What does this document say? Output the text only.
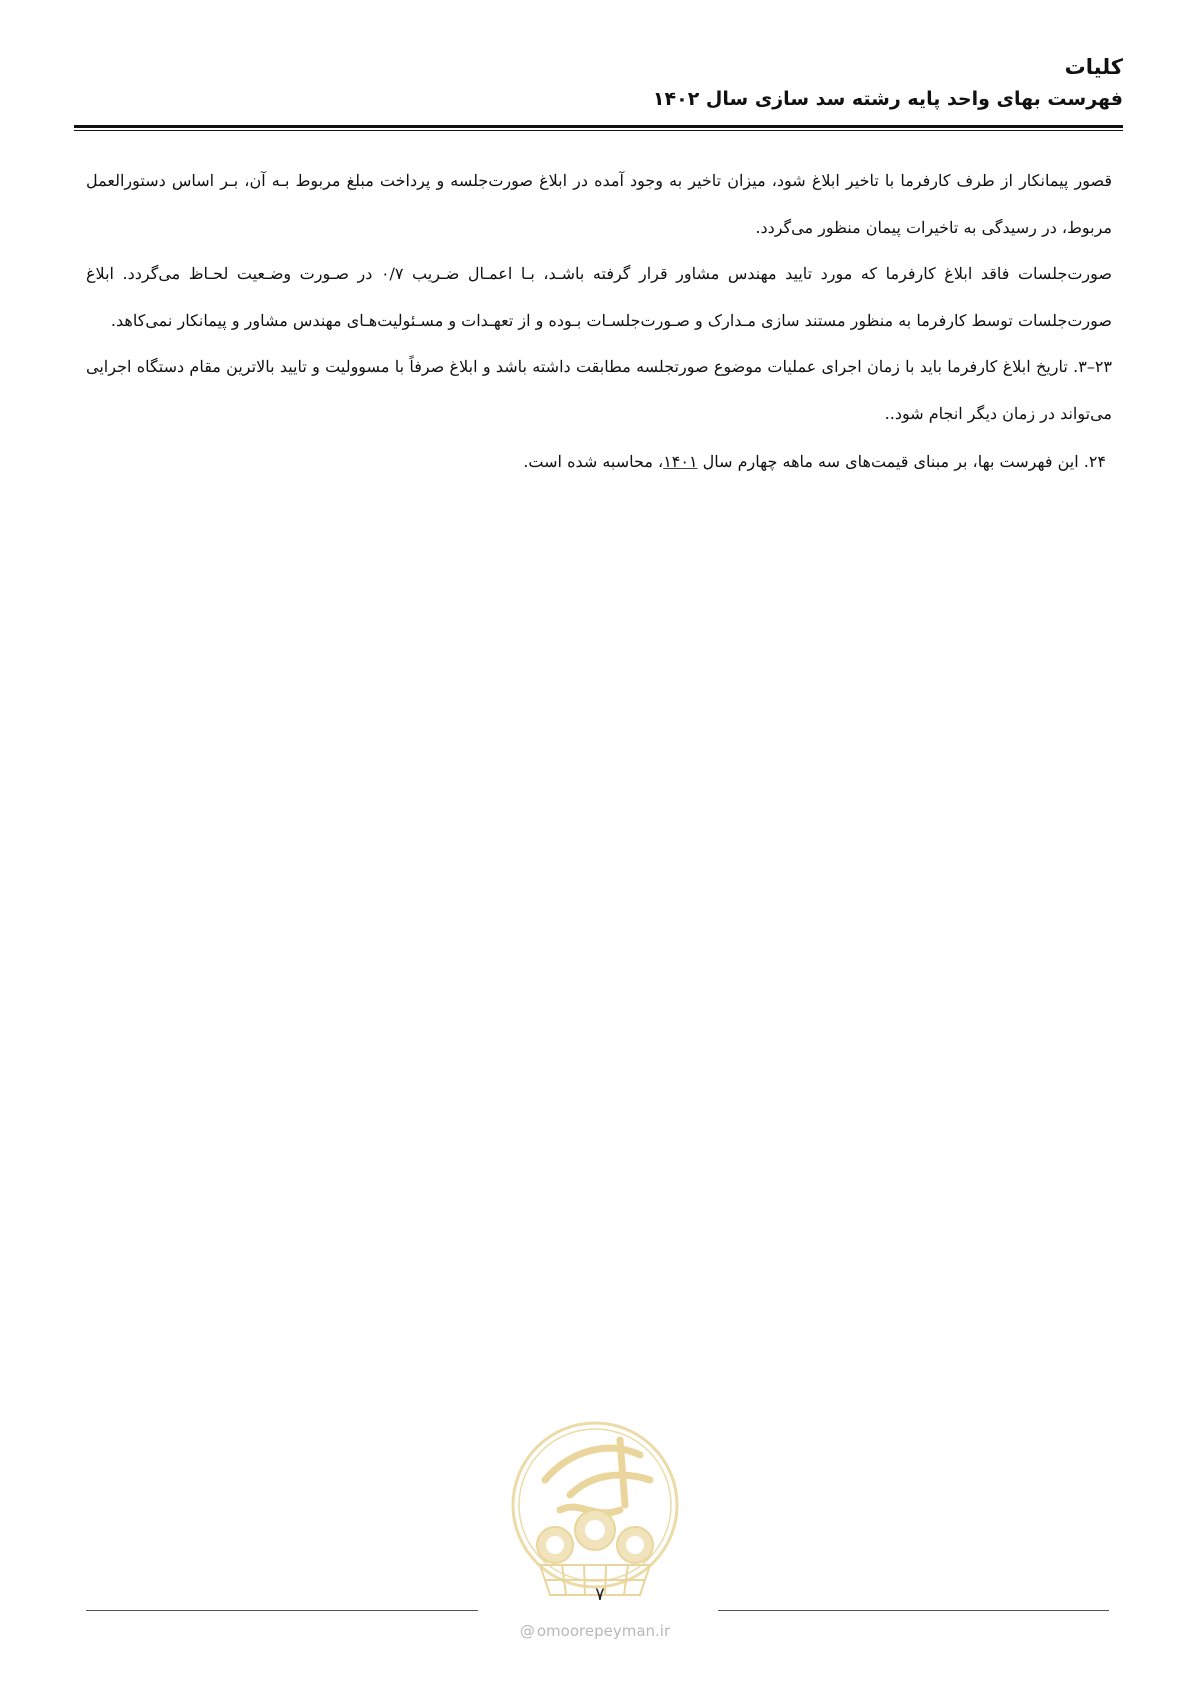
کلیات

فهرست بهای واحد پایه رشته سد سازی سال ۱۴۰۲

قصور پیمانکار از طرف کارفرما با تاخیر ابلاغ شود، میزان تاخیر به وجود آمده در ابلاغ صورت‌جلسه و پرداخت مبلغ مربوط بـه آن، بـر اساس دستورالعمل مربوط، در رسیدگی به تاخیرات پیمان منظور می‌گردد.

صورت‌جلسات فاقد ابلاغ کارفرما که مورد تایید مهندس مشاور قرار گرفته باشـد، بـا اعمـال ضـریب ۰/۷ در صـورت وضـعیت لحـاظ می‌گردد. ابلاغ صورت‌جلسات توسط کارفرما به منظور مستند سازی مـدارک و صـورت‌جلسـات بـوده و از تعهـدات و مسـئولیت‌هـای مهندس مشاور و پیمانکار نمی‌کاهد.

۲۳–۳. تاریخ ابلاغ کارفرما باید با زمان اجرای عملیات موضوع صورتجلسه مطابقت داشته باشد و ابلاغ صرفاً با مسوولیت و تایید بالاترین مقام دستگاه اجرایی می‌تواند در زمان دیگر انجام شود..

۲۴. این فهرست بها، بر مبنای قیمت‌های سه ماهه چهارم سال ۱۴۰۱، محاسبه شده است.

۷
@ omoorepeyman.ir
